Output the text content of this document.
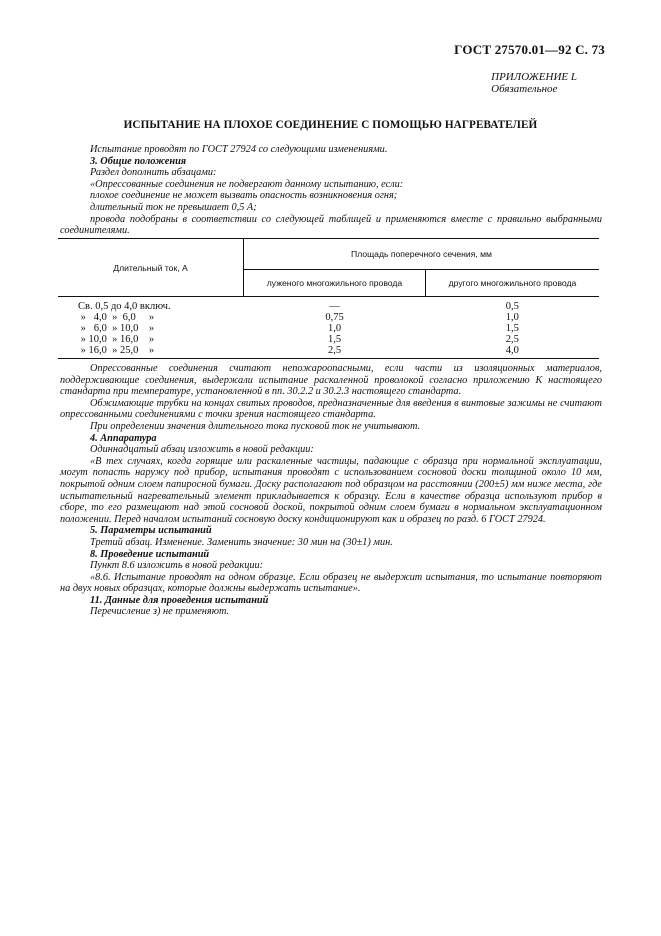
ГОСТ 27570.01—92 С. 73
ПРИЛОЖЕНИЕ L
Обязательное
ИСПЫТАНИЕ НА ПЛОХОЕ СОЕДИНЕНИЕ С ПОМОЩЬЮ НАГРЕВАТЕЛЕЙ

Испытание проводят по ГОСТ 27924 со следующими изменениями.

3. Общие положения

Раздел дополнить абзацами:

«Опрессованные соединения не подвергают данному испытанию, если:

плохое соединение не может вызвать опасность возникновения огня;

длительный ток не превышает 0,5 А;

провода подобраны в соответствии со следующей таблицей и применяются вместе с правильно выбранными соединителями.

Длительный ток, А	Площадь поперечного сечения, мм	
	луженого многожильного провода	другого многожильного провода

Св. 0,5 до 4,0 включ.	—	0,5
»   4,0  »  6,0     »	0,75	1,0
»   6,0  » 10,0    »	1,0	1,5
» 10,0  » 16,0    »	1,5	2,5
» 16,0  » 25,0    »	2,5	4,0

Опрессованные соединения считают непожароопасными, если части из изоляционных материалов, поддерживающие соединения, выдержали испытание раскаленной проволокой согласно приложению К настоящего стандарта при температуре, установленной в пп. 30.2.2 и 30.2.3 настоящего стандарта.

Обжимающие трубки на концах свитых проводов, предназначенные для введения в винтовые зажимы не считают опрессованными соединениями с точки зрения настоящего стандарта.

При определении значения длительного тока пусковой ток не учитывают.

4. Аппаратура

Одиннадцатый абзац изложить в новой редакции:

«В тех случаях, когда горящие или раскаленные частицы, падающие с образца при нормальной эксплуатации, могут попасть наружу под прибор, испытания проводят с использованием сосновой доски толщиной около 10 мм, покрытой одним слоем папиросной бумаги. Доску располагают под образцом на расстоянии (200±5) мм ниже места, где испытательный нагревательный элемент прикладывается к образцу. Если в качестве образца используют прибор в сборе, то его размещают над этой сосновой доской, покрытой одним слоем бумаги в нормальном эксплуатационном положении. Перед началом испытаний сосновую доску кондиционируют как и образец по разд. 6 ГОСТ 27924.

5. Параметры испытаний

Третий абзац. Изменение. Заменить значение: 30 мин на (30±1) мин.

8. Проведение испытаний

Пункт 8.6 изложить в новой редакции:

«8.6. Испытание проводят на одном образце. Если образец не выдержит испытания, то испытание повторяют на двух новых образцах, которые должны выдержать испытание».

11. Данные для проведения испытаний

Перечисление з) не применяют.
